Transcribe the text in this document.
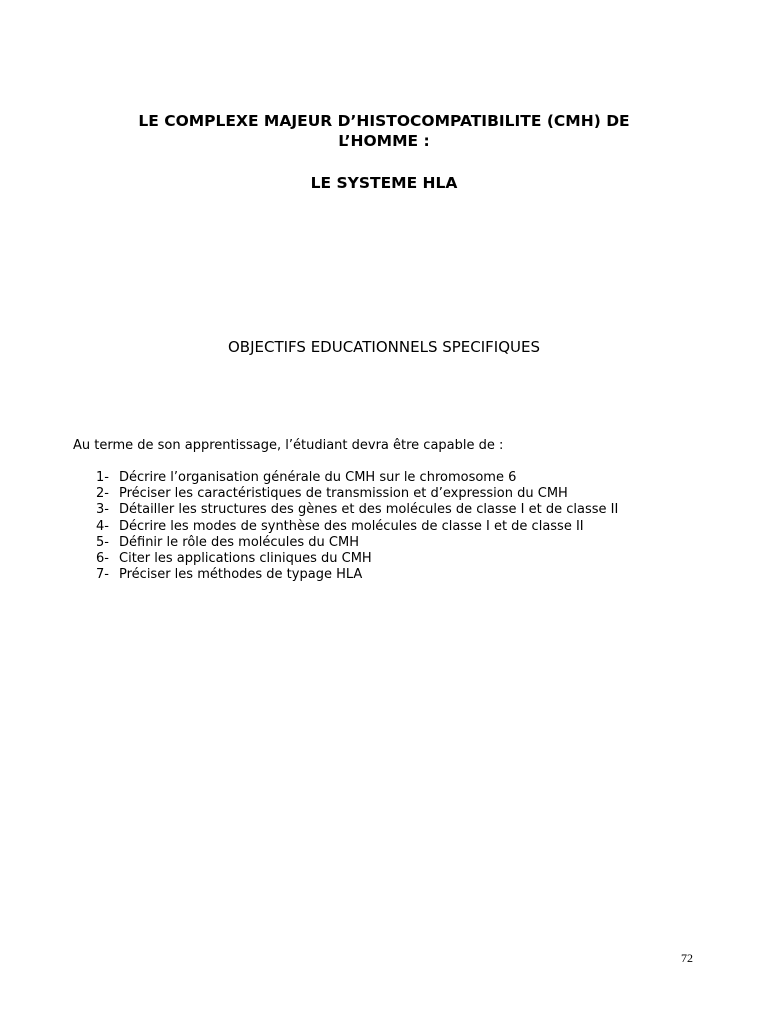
LE COMPLEXE MAJEUR D’HISTOCOMPATIBILITE (CMH) DE
L’HOMME :
LE SYSTEME HLA
OBJECTIFS EDUCATIONNELS SPECIFIQUES
Au terme de son apprentissage, l’étudiant devra être capable de :
1- Décrire l’organisation générale du CMH sur le chromosome 6
2- Préciser les caractéristiques de transmission et d’expression du CMH
3- Détailler les structures des gènes et des molécules de classe I et de classe II
4- Décrire les modes de synthèse des molécules de classe I et de classe II
5- Définir le rôle des molécules du CMH
6- Citer les applications cliniques du CMH
7- Préciser les méthodes de typage HLA
72
